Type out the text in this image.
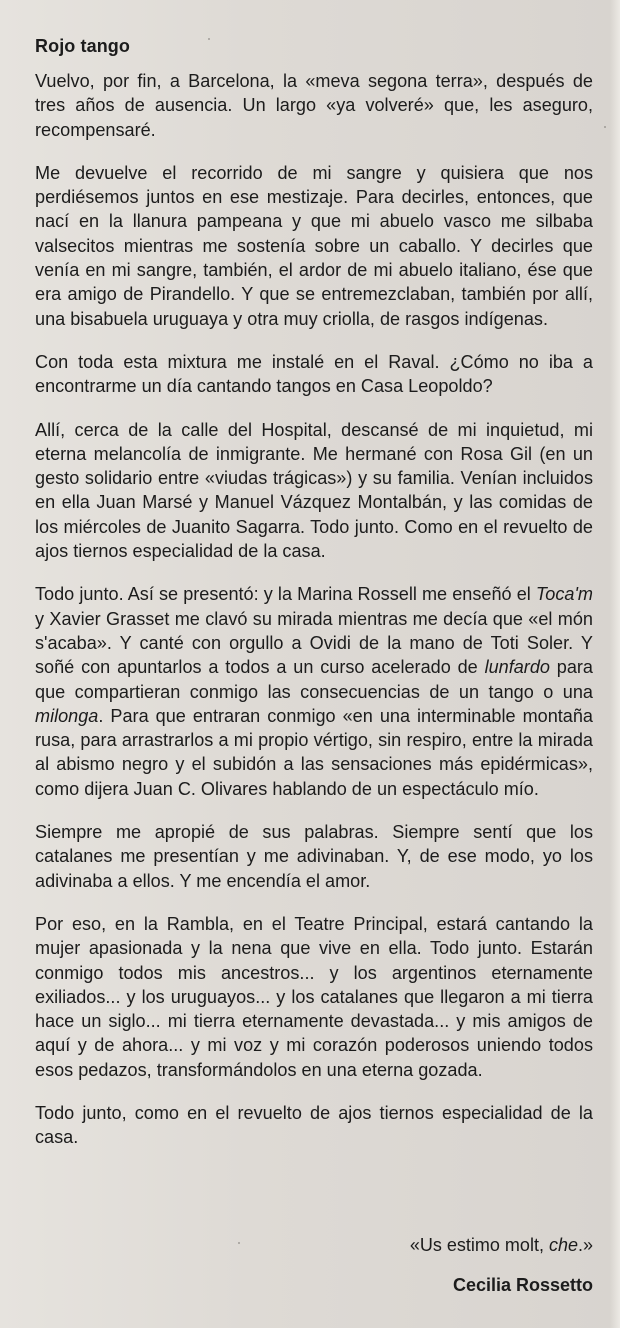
Rojo tango

Vuelvo, por fin, a Barcelona, la «meva segona terra», después de tres años de ausencia. Un largo «ya volveré» que, les aseguro, recompensaré.

Me devuelve el recorrido de mi sangre y quisiera que nos perdiésemos juntos en ese mestizaje. Para decirles, entonces, que nací en la llanura pampeana y que mi abuelo vasco me silbaba valsecitos mientras me sostenía sobre un caballo. Y decirles que venía en mi sangre, también, el ardor de mi abuelo italiano, ése que era amigo de Pirandello. Y que se entremezclaban, también por allí, una bisabuela uruguaya y otra muy criolla, de rasgos indígenas.

Con toda esta mixtura me instalé en el Raval. ¿Cómo no iba a encontrarme un día cantando tangos en Casa Leopoldo?

Allí, cerca de la calle del Hospital, descansé de mi inquietud, mi eterna melancolía de inmigrante. Me hermané con Rosa Gil (en un gesto solidario entre «viudas trágicas») y su familia. Venían incluidos en ella Juan Marsé y Manuel Vázquez Montalbán, y las comidas de los miércoles de Juanito Sagarra. Todo junto. Como en el revuelto de ajos tiernos especialidad de la casa.

Todo junto. Así se presentó: y la Marina Rossell me enseñó el Toca'm y Xavier Grasset me clavó su mirada mientras me decía que «el món s'acaba». Y canté con orgullo a Ovidi de la mano de Toti Soler. Y soñé con apuntarlos a todos a un curso acelerado de lunfardo para que compartieran conmigo las consecuencias de un tango o una milonga. Para que entraran conmigo «en una interminable montaña rusa, para arrastrarlos a mi propio vértigo, sin respiro, entre la mirada al abismo negro y el subidón a las sensaciones más epidérmicas», como dijera Juan C. Olivares hablando de un espectáculo mío.

Siempre me apropié de sus palabras. Siempre sentí que los catalanes me presentían y me adivinaban. Y, de ese modo, yo los adivinaba a ellos. Y me encendía el amor.

Por eso, en la Rambla, en el Teatre Principal, estará cantando la mujer apasionada y la nena que vive en ella. Todo junto. Estarán conmigo todos mis ancestros... y los argentinos eternamente exiliados... y los uruguayos... y los catalanes que llegaron a mi tierra hace un siglo... mi tierra eternamente devastada... y mis amigos de aquí y de ahora... y mi voz y mi corazón poderosos uniendo todos esos pedazos, transformándolos en una eterna gozada.

Todo junto, como en el revuelto de ajos tiernos especialidad de la casa.

«Us estimo molt, che.»
Cecilia Rossetto
